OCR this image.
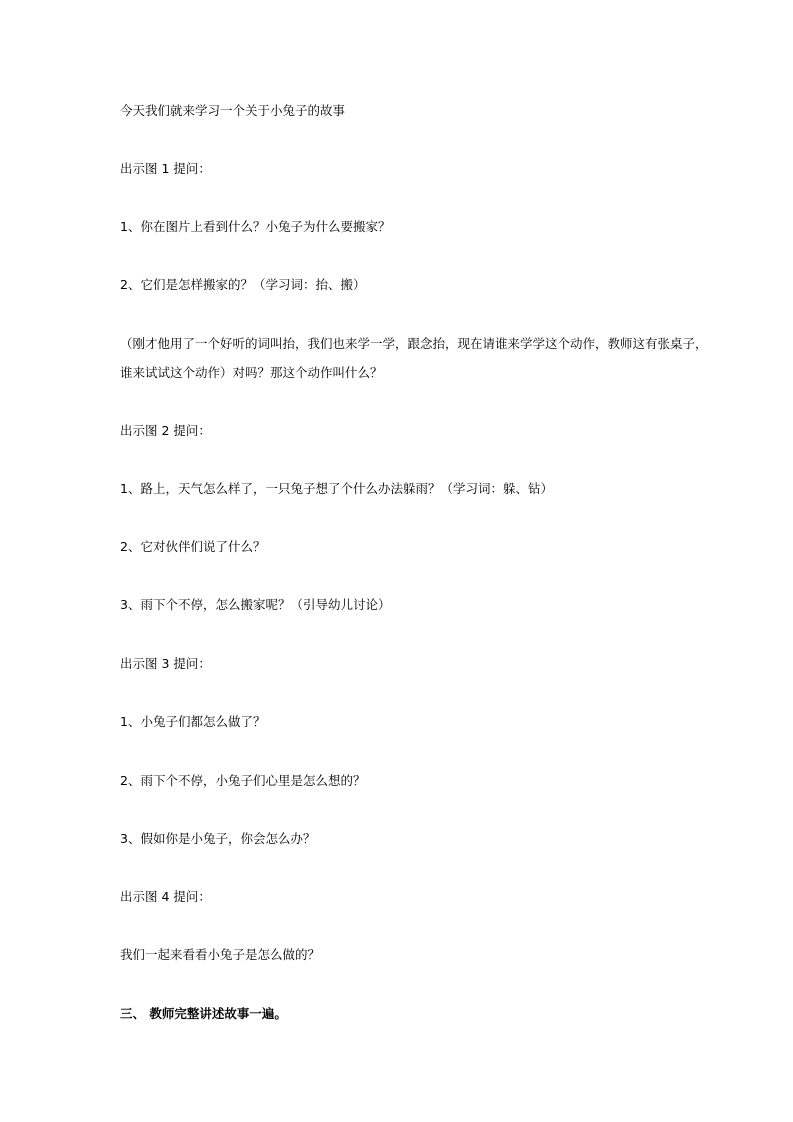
今天我们就来学习一个关于小兔子的故事
出示图 1 提问：
1、你在图片上看到什么？小兔子为什么要搬家？
2、它们是怎样搬家的？（学习词：抬、搬）
（刚才他用了一个好听的词叫抬，我们也来学一学，跟念抬，现在请谁来学学这个动作，教师这有张桌子，
谁来试试这个动作）对吗？那这个动作叫什么？
出示图 2 提问：
1、路上，天气怎么样了，一只兔子想了个什么办法躲雨？（学习词：躲、钻）
2、它对伙伴们说了什么？
3、雨下个不停，怎么搬家呢？（引导幼儿讨论）
出示图 3 提问：
1、小兔子们都怎么做了？
2、雨下个不停，小兔子们心里是怎么想的？
3、假如你是小兔子，你会怎么办？
出示图 4 提问：
我们一起来看看小兔子是怎么做的？
三、 教师完整讲述故事一遍。
